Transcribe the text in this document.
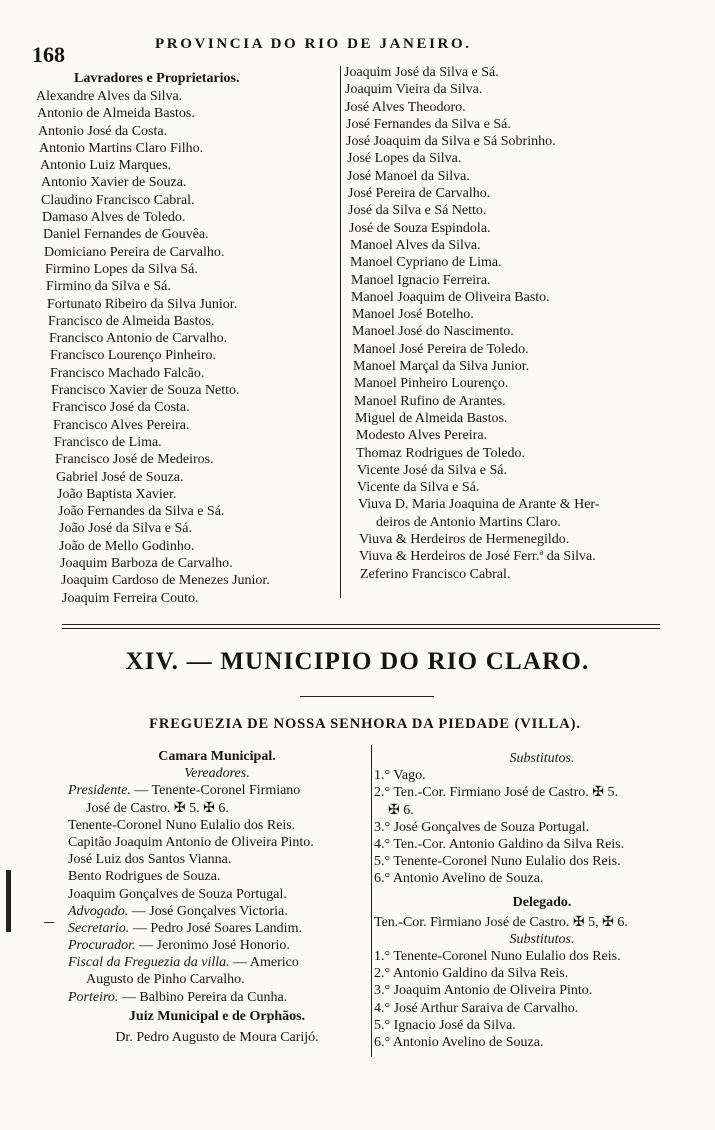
168	PROVINCIA DO RIO DE JANEIRO.
Lavradores e Proprietarios.
Alexandre Alves da Silva.
Antonio de Almeida Bastos.
Antonio José da Costa.
Antonio Martins Claro Filho.
Antonio Luiz Marques.
Antonio Xavier de Souza.
Claudino Francisco Cabral.
Damaso Alves de Toledo.
Daniel Fernandes de Gouvêa.
Domiciano Pereira de Carvalho.
Firmino Lopes da Silva Sá.
Firmino da Silva e Sá.
Fortunato Ribeiro da Silva Junior.
Francisco de Almeida Bastos.
Francisco Antonio de Carvalho.
Francisco Lourenço Pinheiro.
Francisco Machado Falcão.
Francisco Xavier de Souza Netto.
Francisco José da Costa.
Francisco Alves Pereira.
Francisco de Lima.
Francisco José de Medeiros.
Gabriel José de Souza.
João Baptista Xavier.
João Fernandes da Silva e Sá.
João José da Silva e Sá.
João de Mello Godinho.
Joaquim Barboza de Carvalho.
Joaquim Cardoso de Menezes Junior.
Joaquim Ferreira Couto.
Joaquim José da Silva e Sá.
Joaquim Vieira da Silva.
José Alves Theodoro.
José Fernandes da Silva e Sá.
José Joaquim da Silva e Sá Sobrinho.
José Lopes da Silva.
José Manoel da Silva.
José Pereira de Carvalho.
José da Silva e Sá Netto.
José de Souza Espindola.
Manoel Alves da Silva.
Manoel Cypriano de Lima.
Manoel Ignacio Ferreira.
Manoel Joaquim de Oliveira Basto.
Manoel José Botelho.
Manoel José do Nascimento.
Manoel José Pereira de Toledo.
Manoel Marçal da Silva Junior.
Manoel Pinheiro Lourenço.
Manoel Rufino de Arantes.
Miguel de Almeida Bastos.
Modesto Alves Pereira.
Thomaz Rodrigues de Toledo.
Vicente José da Silva e Sá.
Vicente da Silva e Sá.
Viuva D. Maria Joaquina de Arante & Her-
deiros de Antonio Martins Claro.
Viuva & Herdeiros de Hermenegildo.
Viuva & Herdeiros de José Ferr.ª da Silva.
Zeferino Francisco Cabral.
XIV. — MUNICIPIO DO RIO CLARO.
FREGUEZIA DE NOSSA SENHORA DA PIEDADE (VILLA).
Camara Municipal.
Vereadores.
Presidente. — Tenente-Coronel Firmiano
José de Castro. ✠ 5. ✠ 6.
Tenente-Coronel Nuno Eulalio dos Reis.
Capitão Joaquim Antonio de Oliveira Pinto.
José Luiz dos Santos Vianna.
Bento Rodrigues de Souza.
Joaquim Gonçalves de Souza Portugal.
Advogado. — José Gonçalves Victoria.
Secretario. — Pedro José Soares Landim.
Procurador. — Jeronimo José Honorio.
Fiscal da Freguezia da villa. — Americo
Augusto de Pinho Carvalho.
Porteiro. — Balbino Pereira da Cunha.
Juiz Municipal e de Orphãos.
Dr. Pedro Augusto de Moura Carijó.
Substitutos.
1.° Vago.
2.° Ten.-Cor. Firmiano José de Castro. ✠ 5.
✠ 6.
3.° José Gonçalves de Souza Portugal.
4.° Ten.-Cor. Antonio Galdino da Silva Reis.
5.° Tenente-Coronel Nuno Eulalio dos Reis.
6.° Antonio Avelino de Souza.
Delegado.
Ten.-Cor. Firmiano José de Castro. ✠ 5, ✠ 6.
Substitutos.
1.° Tenente-Coronel Nuno Eulalio dos Reis.
2.° Antonio Galdino da Silva Reis.
3.° Joaquim Antonio de Oliveira Pinto.
4.° José Arthur Saraiva de Carvalho.
5.° Ignacio José da Silva.
6.° Antonio Avelino de Souza.
